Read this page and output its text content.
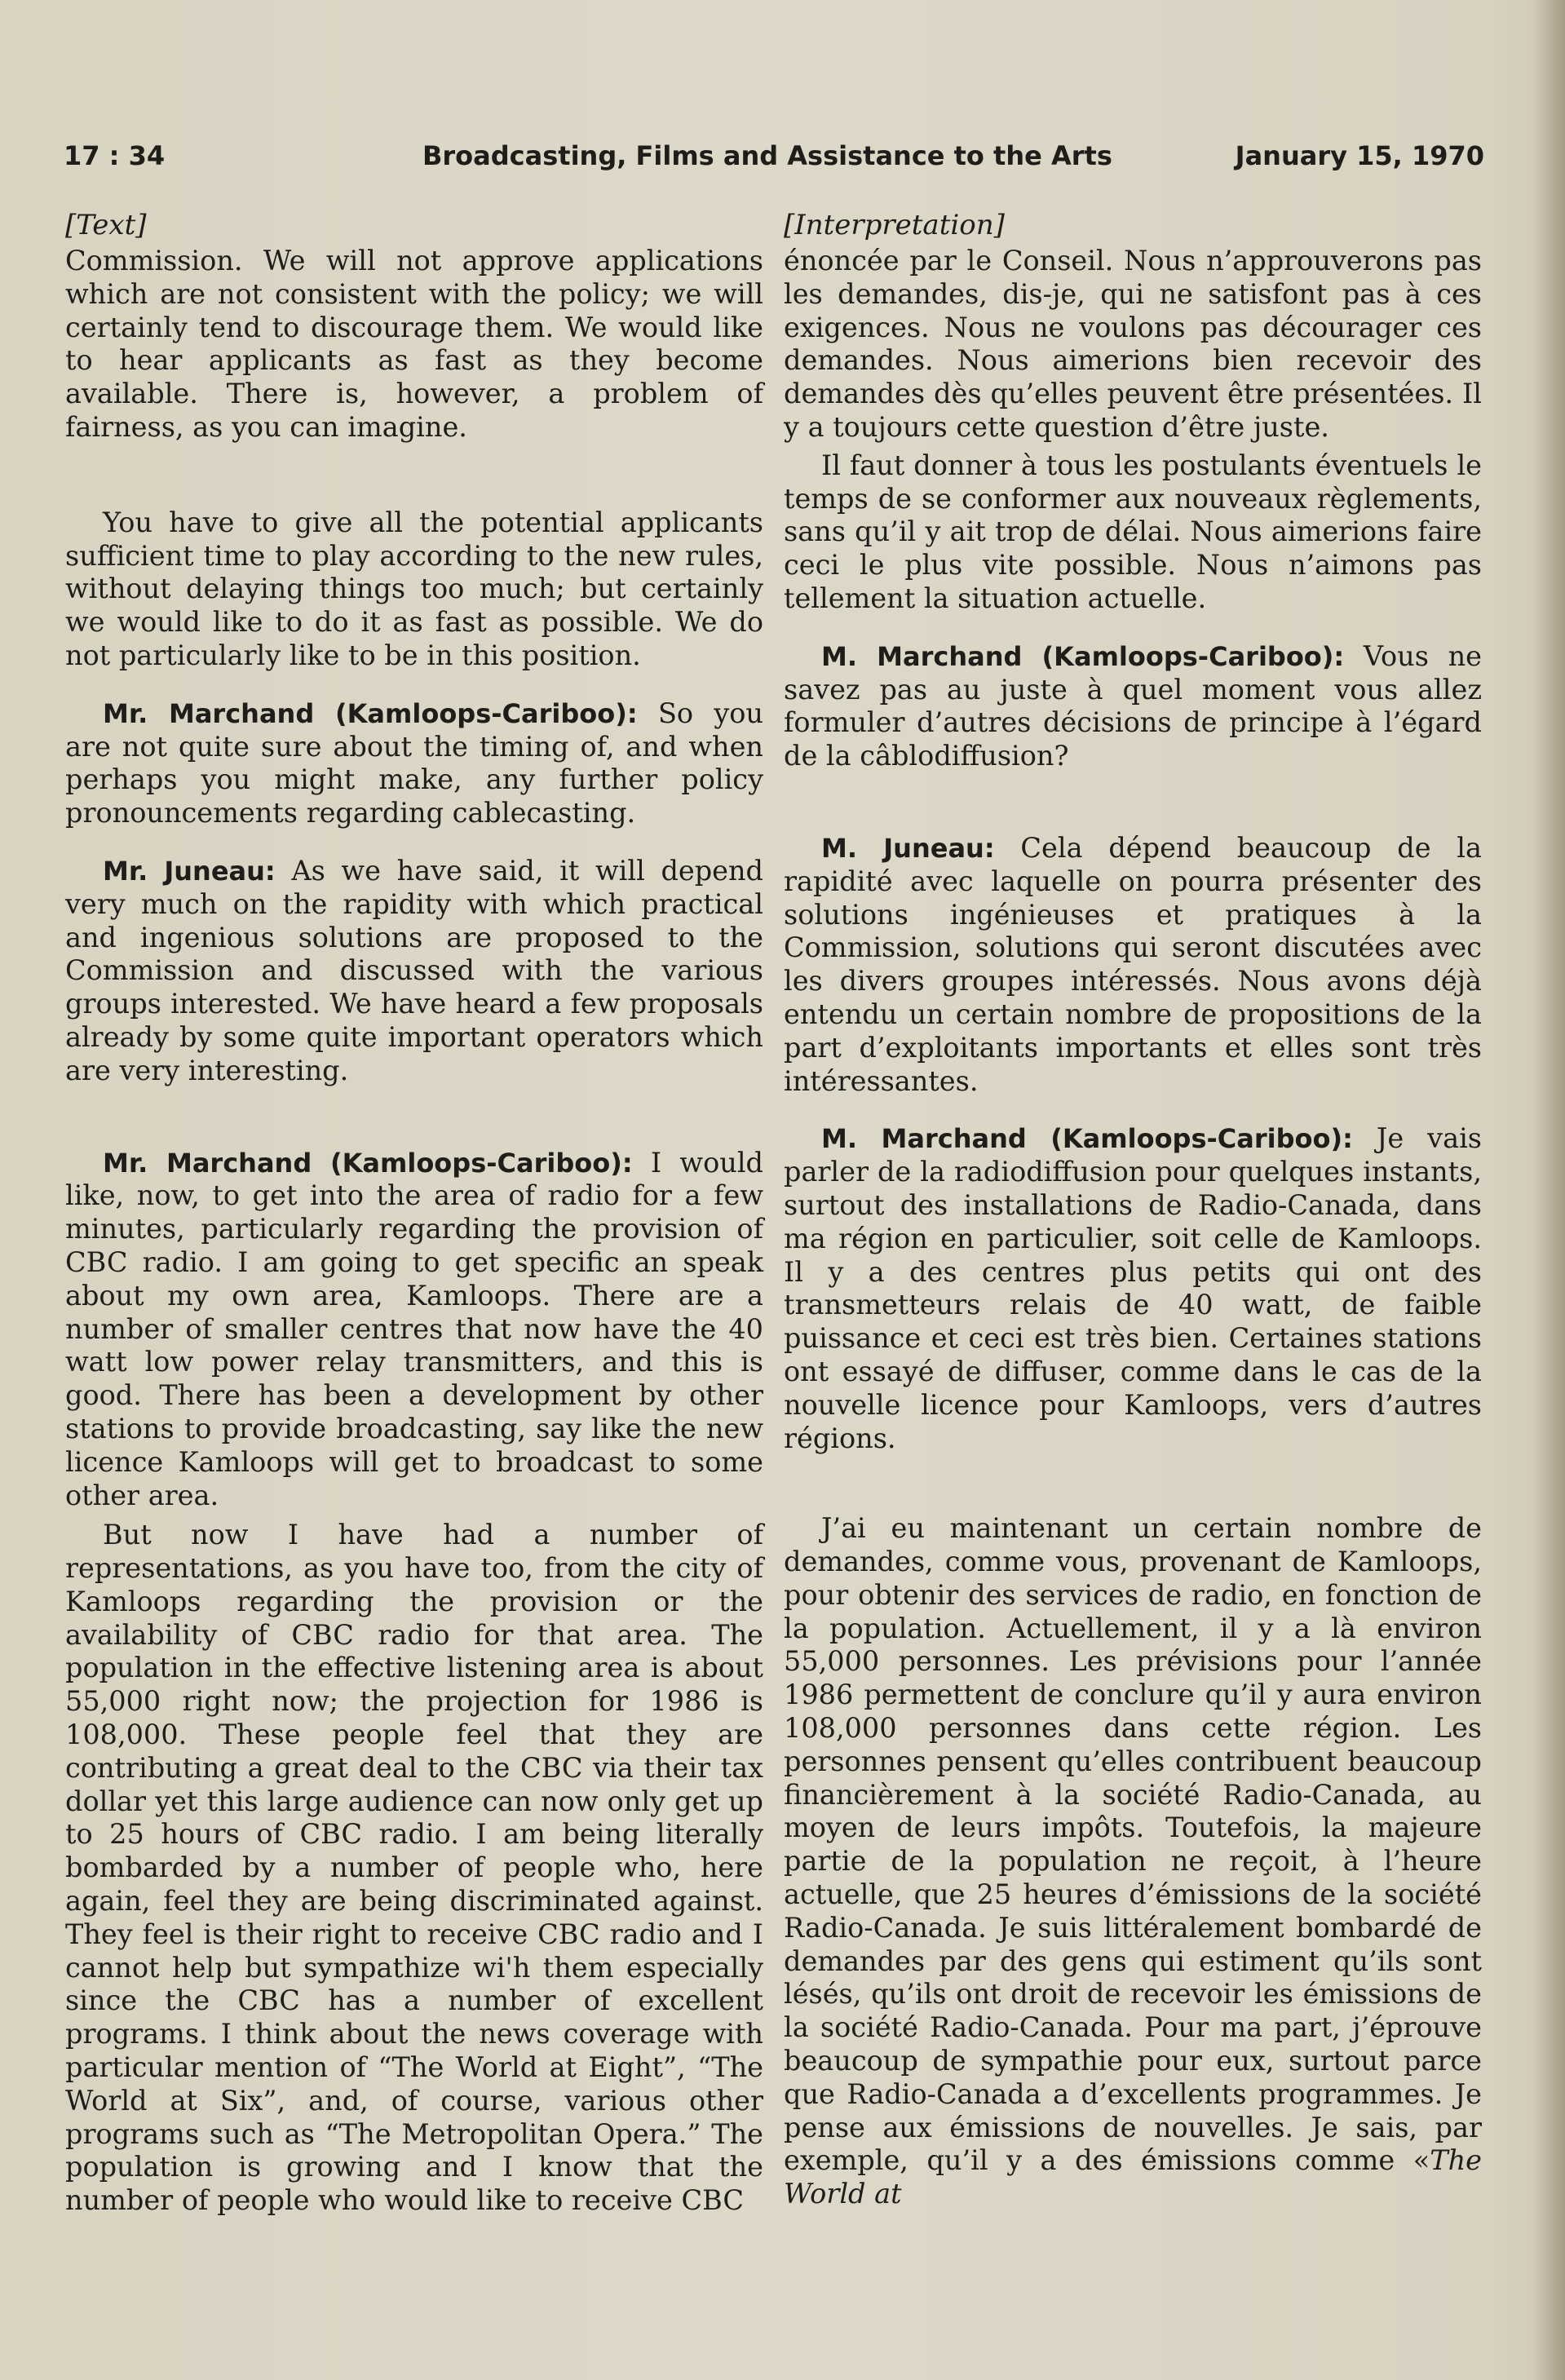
17 : 34	Broadcasting, Films and Assistance to the Arts	January 15, 1970
[Text]

Commission. We will not approve applications which are not consistent with the policy; we will certainly tend to discourage them. We would like to hear applicants as fast as they become available. There is, however, a problem of fairness, as you can imagine.

You have to give all the potential applicants sufficient time to play according to the new rules, without delaying things too much; but certainly we would like to do it as fast as possible. We do not particularly like to be in this position.

Mr. Marchand (Kamloops-Cariboo): So you are not quite sure about the timing of, and when perhaps you might make, any further policy pronouncements regarding cablecasting.

Mr. Juneau: As we have said, it will depend very much on the rapidity with which practical and ingenious solutions are proposed to the Commission and discussed with the various groups interested. We have heard a few proposals already by some quite important operators which are very interesting.

Mr. Marchand (Kamloops-Cariboo): I would like, now, to get into the area of radio for a few minutes, particularly regarding the provision of CBC radio. I am going to get specific an speak about my own area, Kamloops. There are a number of smaller centres that now have the 40 watt low power relay transmitters, and this is good. There has been a development by other stations to provide broadcasting, say like the new licence Kamloops will get to broadcast to some other area.

But now I have had a number of representations, as you have too, from the city of Kamloops regarding the provision or the availability of CBC radio for that area. The population in the effective listening area is about 55,000 right now; the projection for 1986 is 108,000. These people feel that they are contributing a great deal to the CBC via their tax dollar yet this large audience can now only get up to 25 hours of CBC radio. I am being literally bombarded by a number of people who, here again, feel they are being discriminated against. They feel is their right to receive CBC radio and I cannot help but sympathize wi'h them especially since the CBC has a number of excellent programs. I think about the news coverage with particular mention of “The World at Eight”, “The World at Six”, and, of course, various other programs such as “The Metropolitan Opera.” The population is growing and I know that the number of people who would like to receive CBC

[Interpretation]

énoncée par le Conseil. Nous n’approuverons pas les demandes, dis-je, qui ne satisfont pas à ces exigences. Nous ne voulons pas décourager ces demandes. Nous aimerions bien recevoir des demandes dès qu’elles peuvent être présentées. Il y a toujours cette question d’être juste.

Il faut donner à tous les postulants éventuels le temps de se conformer aux nouveaux règlements, sans qu’il y ait trop de délai. Nous aimerions faire ceci le plus vite possible. Nous n’aimons pas tellement la situation actuelle.

M. Marchand (Kamloops-Cariboo): Vous ne savez pas au juste à quel moment vous allez formuler d’autres décisions de principe à l’égard de la câblodiffusion?

M. Juneau: Cela dépend beaucoup de la rapidité avec laquelle on pourra présenter des solutions ingénieuses et pratiques à la Commission, solutions qui seront discutées avec les divers groupes intéressés. Nous avons déjà entendu un certain nombre de propositions de la part d’exploitants importants et elles sont très intéressantes.

M. Marchand (Kamloops-Cariboo): Je vais parler de la radiodiffusion pour quelques instants, surtout des installations de Radio-Canada, dans ma région en particulier, soit celle de Kamloops. Il y a des centres plus petits qui ont des transmetteurs relais de 40 watt, de faible puissance et ceci est très bien. Certaines stations ont essayé de diffuser, comme dans le cas de la nouvelle licence pour Kamloops, vers d’autres régions.

J’ai eu maintenant un certain nombre de demandes, comme vous, provenant de Kamloops, pour obtenir des services de radio, en fonction de la population. Actuellement, il y a là environ 55,000 personnes. Les prévisions pour l’année 1986 permettent de conclure qu’il y aura environ 108,000 personnes dans cette région. Les personnes pensent qu’elles contribuent beaucoup financièrement à la société Radio-Canada, au moyen de leurs impôts. Toutefois, la majeure partie de la population ne reçoit, à l’heure actuelle, que 25 heures d’émissions de la société Radio-Canada. Je suis littéralement bombardé de demandes par des gens qui estiment qu’ils sont lésés, qu’ils ont droit de recevoir les émissions de la société Radio-Canada. Pour ma part, j’éprouve beaucoup de sympathie pour eux, surtout parce que Radio-Canada a d’excellents programmes. Je pense aux émissions de nouvelles. Je sais, par exemple, qu’il y a des émissions comme «The World at
